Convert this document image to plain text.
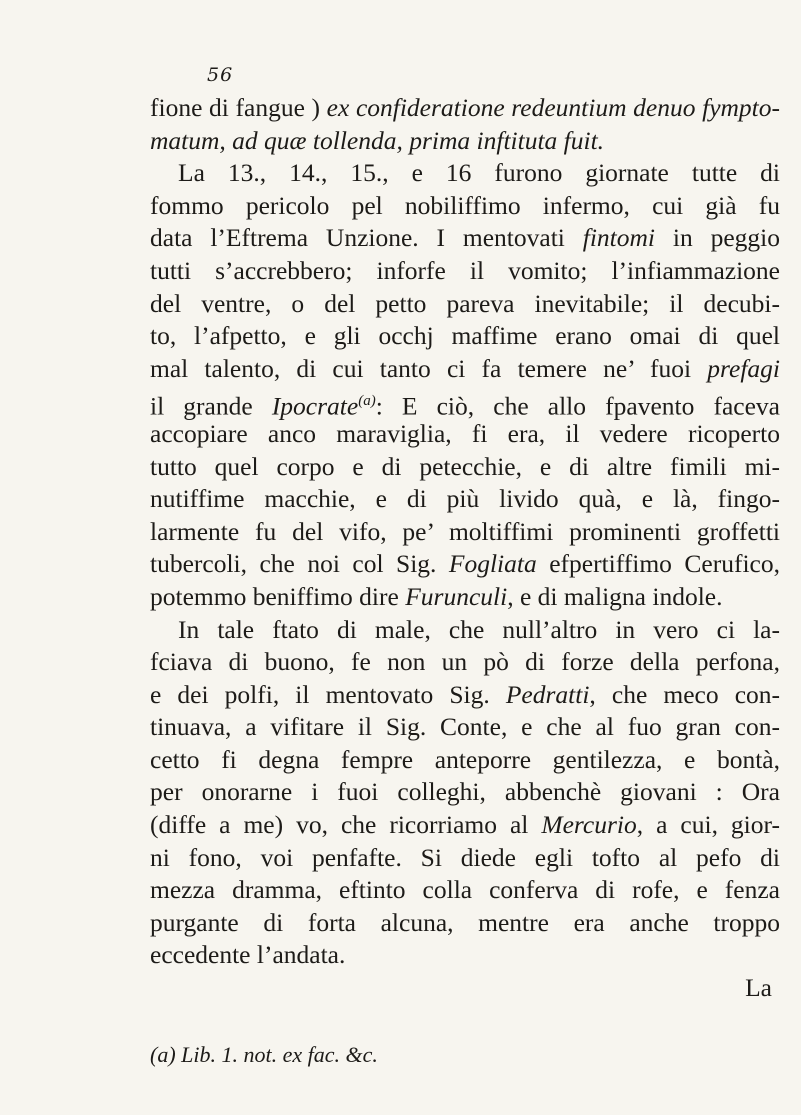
56
fione di fangue ) ex confideratione redeuntium denuo fympto-
matum, ad quæ tollenda, prima inftituta fuit.
La 13., 14., 15., e 16 furono giornate tutte di
fommo pericolo pel nobiliffimo infermo, cui già fu
data l’Eftrema Unzione. I mentovati fintomi in peggio
tutti s’accrebbero; inforfe il vomito; l’infiammazione
del ventre, o del petto pareva inevitabile; il decubi-
to, l’afpetto, e gli occhj maffime erano omai di quel
mal talento, di cui tanto ci fa temere ne’ fuoi prefagi
il grande Ipocrate$^{(a)}$: E ciò, che allo fpavento faceva
accopiare anco maraviglia, fi era, il vedere ricoperto
tutto quel corpo e di petecchie, e di altre fimili mi-
nutiffime macchie, e di più livido quà, e là, fingo-
larmente fu del vifo, pe’ moltiffimi prominenti groffetti
tubercoli, che noi col Sig. Fogliata efpertiffimo Cerufico,
potemmo beniffimo dire Furunculi, e di maligna indole.
In tale ftato di male, che null’altro in vero ci la-
fciava di buono, fe non un pò di forze della perfona,
e dei polfi, il mentovato Sig. Pedratti, che meco con-
tinuava, a vifitare il Sig. Conte, e che al fuo gran con-
cetto fi degna fempre anteporre gentilezza, e bontà,
per onorarne i fuoi colleghi, abbenchè giovani : Ora
(diffe a me) vo, che ricorriamo al Mercurio, a cui, gior-
ni fono, voi penfafte. Si diede egli tofto al pefo di
mezza dramma, eftinto colla conferva di rofe, e fenza
purgante di forta alcuna, mentre era anche troppo
eccedente l’andata.
La
(a) Lib. 1. not. ex fac. &c.
